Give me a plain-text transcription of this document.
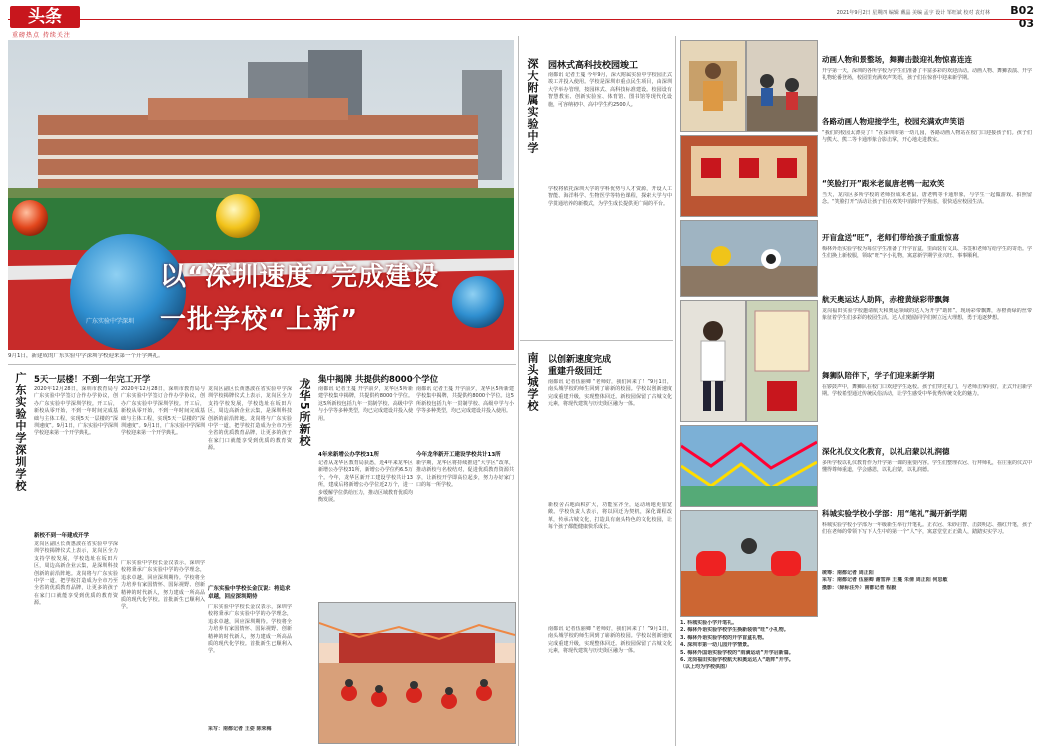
头条
重磅热点 持续关注
2021年9月2日 星期四 编辑 戴晶 美编 孟宇 设计 邹旺斌 校对 袁灯林	B02 03
广东实验中学深圳
以“深圳速度”完成建设
一批学校“上新”
9月1日，新建成的广东实验中学深圳学校迎来第一个开学典礼。
广东实验中学深圳学校 5天一层楼！不到一年完工开学
2020年12月28日，深圳市教育局与广东实验中学签订合作办学协议，创办广东实验中学深圳学校。开工后，新校从零开始，不到一年时间完成基础与主体工程，实现5天一层楼的“深圳速度”。9月1日，广东实验中学深圳学校迎来第一个开学典礼。
新校不到一年建成开学
龙岗区副区长黄惠波在省实验中学深圳学校揭牌仪式上表示，龙岗区全力支持学校发展，学校选址在坂田片区，周边高新企业云集，是深圳科技创新的前沿阵地。龙岗将与广东实验中学一道，把学校打造成为全市乃至全省的优质教育品牌，让更多的孩子在家门口就能享受到优质的教育资源。
2020年12月28日，深圳市教育局与广东实验中学签订合作办学协议，创办广东实验中学深圳学校。开工后，新校从零开始，不到一年时间完成基础与主体工程，实现5天一层楼的“深圳速度”。9月1日，广东实验中学深圳学校迎来第一个开学典礼。
广东实验中学校长金汉表示，深圳学校将秉承广东实验中学的办学理念，追求卓越，回应深圳期待。学校将全力培养有家国情怀、国际视野、创新精神的时代新人，努力建成一所高品质的现代化学校。首批新生已顺利入学。
龙岗区副区长黄惠波在省实验中学深圳学校揭牌仪式上表示，龙岗区全力支持学校发展，学校选址在坂田片区，周边高新企业云集，是深圳科技创新的前沿阵地。龙岗将与广东实验中学一道，把学校打造成为全市乃至全省的优质教育品牌，让更多的孩子在家门口就能享受到优质的教育资源。
广东实验中学校长金汉说：将追求卓越，回应深圳期待
广东实验中学校长金汉表示，深圳学校将秉承广东实验中学的办学理念，追求卓越，回应深圳期待。学校将全力培养有家国情怀、国际视野、创新精神的时代新人，努力建成一所高品质的现代化学校。首批新生已顺利入学。
采写：南都记者 王姿 陈荣梅
龙华5所新校 集中揭牌 共提供约8000个学位
南都讯 记者王蔓 开学前夕，龙华区5所新建学校集中揭牌，共提供约8000个学位。这5所新校包括九年一贯制学校、高级中学与小学等多种类型，均已完成建设并投入使用。
南都讯 记者王蔓 开学前夕，龙华区5所新建学校集中揭牌，共提供约8000个学位。这5所新校包括九年一贯制学校、高级中学与小学等多种类型，均已完成建设并投入使用。
4年来新增公办学校31所
记者从龙华区教育局获悉，近4年来龙华区新增公办学校31所，新增公办学位约6.5万个。今年，龙华区新开工建设学校共计13所，建成后将新增公办学位近2万个，进一步缓解学位供给压力，推动区域教育优质均衡发展。
今年龙华新开工建设学校共计13所
新学期，龙华区将持续推进“大学区”改革，推动新校与名校结对，促进优质教育资源共享，让新校开学即高位起步，努力办好家门口的每一所学校。
深大附属实验中学 园林式高科技校园竣工
南都讯 记者王蔓 今年9月，深大附属实验中学校园正式竣工并投入使用。学校是深圳市重点民生项目，由深圳大学举办管理，按园林式、高科技标准建设。校园设有智慧教室、创新实验室、体育馆、图书馆等现代化设施，可容纳初中、高中学生约2500人。
学校将依托深圳大学的学科优势与人才资源，开设人工智能、海洋科学、生物医学等特色课程，探索大学与中学贯通培养的新模式，为学生成长提供更广阔的平台。
南头城学校 以创新速度完成
重建升级回迁
南都讯 记者伍丽卿 “老师好，我们回来了！”9月1日，南头城学校的师生回到了崭新的校园。学校以创新速度完成重建升级，实现整体回迁。新校园保留了古城文化元素，将现代建筑与历史街区融为一体。
新校舍占地面积扩大，功能室齐全，运动场地更加宽敞。学校负责人表示，将以回迁为契机，深化课程改革，传承古城文化，打造具有南头特色的文化校园，让每个孩子都能健康快乐成长。
南都讯 记者伍丽卿 “老师好，我们回来了！”9月1日，南头城学校的师生回到了崭新的校园。学校以创新速度完成重建升级，实现整体回迁。新校园保留了古城文化元素，将现代建筑与历史街区融为一体。

1. 科城实验小学开笔礼。

2. 梅林外语实验学校学生换新装领“旺”小礼物。

3. 梅林外语实验学校的开学盲盒礼物。

4. 深圳市第一幼儿园开学情景。

5. 梅林外国语实验学校的“雨滴运动”开学启新篇。

6. 龙岗福田实验学校航天和奥运达人“助阵”开学。

（以上均为学校供图）

动画人物和景整场，舞狮击鼓迎礼物惊喜连连

开学第一天，深圳的各所学校为学生们准备了丰富多彩的欢迎活动。动画人物、舞狮表演、开学礼物轮番登场，校园里充满欢声笑语，孩子们在惊喜中迎来新学期。

各路动画人物迎接学生，校园充满欢声笑语

“我们的校园太漂亮了！”在深圳市第一幼儿园，各路动画人物站在校门口迎接孩子们。孩子们与熊大、熊二等卡通形象合影击掌，开心地走进教室。

“笑脸打开”跟米老鼠唐老鸭一起欢笑

当天，龙岗区多所学校的老师扮成米老鼠、唐老鸭等卡通形象，与学生一起做游戏、拍照留念。“笑脸打开”活动让孩子们在欢笑中消除开学焦虑，很快适应校园生活。

开盲盒送“旺”，老师们带给孩子重重惊喜

梅林外语实验学校为每位学生准备了开学盲盒，里面装有文具、书签和老师写给学生的寄语。学生们换上新校服，领取“旺”字小礼物，寓意新学期学业兴旺、事事顺利。

航天奥运达人助阵，赤橙黄绿彩带飘舞

龙岗福田实验学校邀请航天和奥运领域的达人为开学“助阵”。现场彩带飘舞，赤橙黄绿的丝带象征着学生们多彩的校园生活。达人们勉励同学们树立远大理想，勇于追逐梦想。

舞狮队陪伴下，学子们迎来新学期

在锣鼓声中，舞狮队在校门口欢迎学生返校。孩子们穿过礼门，与老师击掌问好，正式开启新学期。学校希望通过传统民俗活动，让学生感受中华优秀传统文化的魅力。

深化礼仪文化教育，以礼启蒙以礼润德

多所学校以礼仪教育作为开学第一课的重要内容。学生们整理衣冠、行拜师礼，在庄重的仪式中懂得尊师重道，学会感恩，以礼启蒙，以礼润德。

科城实验学校小学部：用“笔礼”揭开新学期

科城实验学校小学部为一年级新生举行开笔礼。正衣冠、朱砂启智、击鼓明志、描红开笔，孩子们在老师的带领下写下人生中的第一个“人”字，寓意堂堂正正做人，踏踏实实学习。

统筹：南都记者 周正阳

采写：南都记者 伍丽卿 谢雪萍 王蔓 朱倩 周正阳 何思敏

摄影：（除标注外）南都记者 程毅
